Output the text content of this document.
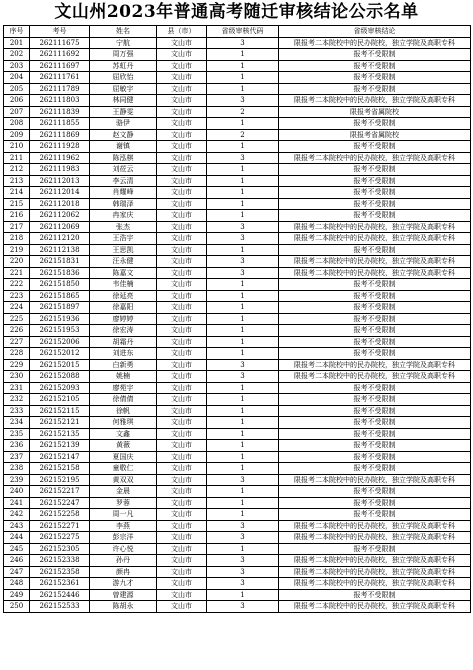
文山州2023年普通高考随迁审核结论公示名单
序号	考号	姓名	县（市）	省级审核代码	省级审核结论
201	262111675	宁航	文山市	3	限报考二本院校中的民办院校，独立学院及高职专科
202	262111692	周万强	文山市	1	报考不受限制
203	262111697	苏虹丹	文山市	1	报考不受限制
204	262111761	屈欣怡	文山市	1	报考不受限制
205	262111789	屈敏宇	文山市	1	报考不受限制
206	262111803	林同健	文山市	3	限报考二本院校中的民办院校，独立学院及高职专科
207	262111839	王静雯	文山市	2	限报考省属院校
208	262111855	骆伊	文山市	1	报考不受限制
209	262111869	赵文静	文山市	2	限报考省属院校
210	262111928	谢镇	文山市	1	报考不受限制
211	262111962	陈泓棋	文山市	3	限报考二本院校中的民办院校，独立学院及高职专科
212	262111983	刘莅云	文山市	1	报考不受限制
213	262112013	李云清	文山市	1	报考不受限制
214	262112014	肖耀峰	文山市	1	报考不受限制
215	262112018	韩瑞泽	文山市	1	报考不受限制
216	262112062	冉家庆	文山市	1	报考不受限制
217	262112069	张杰	文山市	3	限报考二本院校中的民办院校，独立学院及高职专科
218	262112120	王浩宇	文山市	3	限报考二本院校中的民办院校，独立学院及高职专科
219	262112138	王思凯	文山市	1	报考不受限制
220	262151831	汪永健	文山市	3	限报考二本院校中的民办院校，独立学院及高职专科
221	262151836	陈嘉文	文山市	3	限报考二本院校中的民办院校，独立学院及高职专科
222	262151850	韦佳楠	文山市	1	报考不受限制
223	262151865	徐延亮	文山市	1	报考不受限制
224	262151897	徐嘉阳	文山市	1	报考不受限制
225	262151936	廖婷婷	文山市	1	报考不受限制
226	262151953	徐宏涛	文山市	1	报考不受限制
227	262152006	胡霜丹	文山市	1	报考不受限制
228	262152012	刘进东	文山市	1	报考不受限制
229	262152015	白新勇	文山市	3	限报考二本院校中的民办院校，独立学院及高职专科
230	262152088	姚楠	文山市	3	限报考二本院校中的民办院校，独立学院及高职专科
231	262152093	廖苑宇	文山市	1	报考不受限制
232	262152105	徐倩倩	文山市	1	报考不受限制
233	262152115	徐帆	文山市	1	报考不受限制
234	262152121	何雅琪	文山市	1	报考不受限制
235	262152135	文鑫	文山市	1	报考不受限制
236	262152139	黄薇	文山市	1	报考不受限制
237	262152147	夏国庆	文山市	1	报考不受限制
238	262152158	童敬仁	文山市	1	报考不受限制
239	262152195	黄双双	文山市	3	限报考二本院校中的民办院校，独立学院及高职专科
240	262152217	金晨	文山市	1	报考不受限制
241	262152247	罗蓉	文山市	1	报考不受限制
242	262152258	周一凡	文山市	1	报考不受限制
243	262152271	李燕	文山市	3	限报考二本院校中的民办院校，独立学院及高职专科
244	262152275	彭宗洋	文山市	3	限报考二本院校中的民办院校，独立学院及高职专科
245	262152305	许心悦	文山市	1	报考不受限制
246	262152338	孙丹	文山市	3	限报考二本院校中的民办院校，独立学院及高职专科
247	262152358	颜冉	文山市	3	限报考二本院校中的民办院校，独立学院及高职专科
248	262152361	游九才	文山市	3	限报考二本院校中的民办院校，独立学院及高职专科
249	262152446	曾建源	文山市	1	报考不受限制
250	262152533	陈胡永	文山市	3	限报考二本院校中的民办院校，独立学院及高职专科
